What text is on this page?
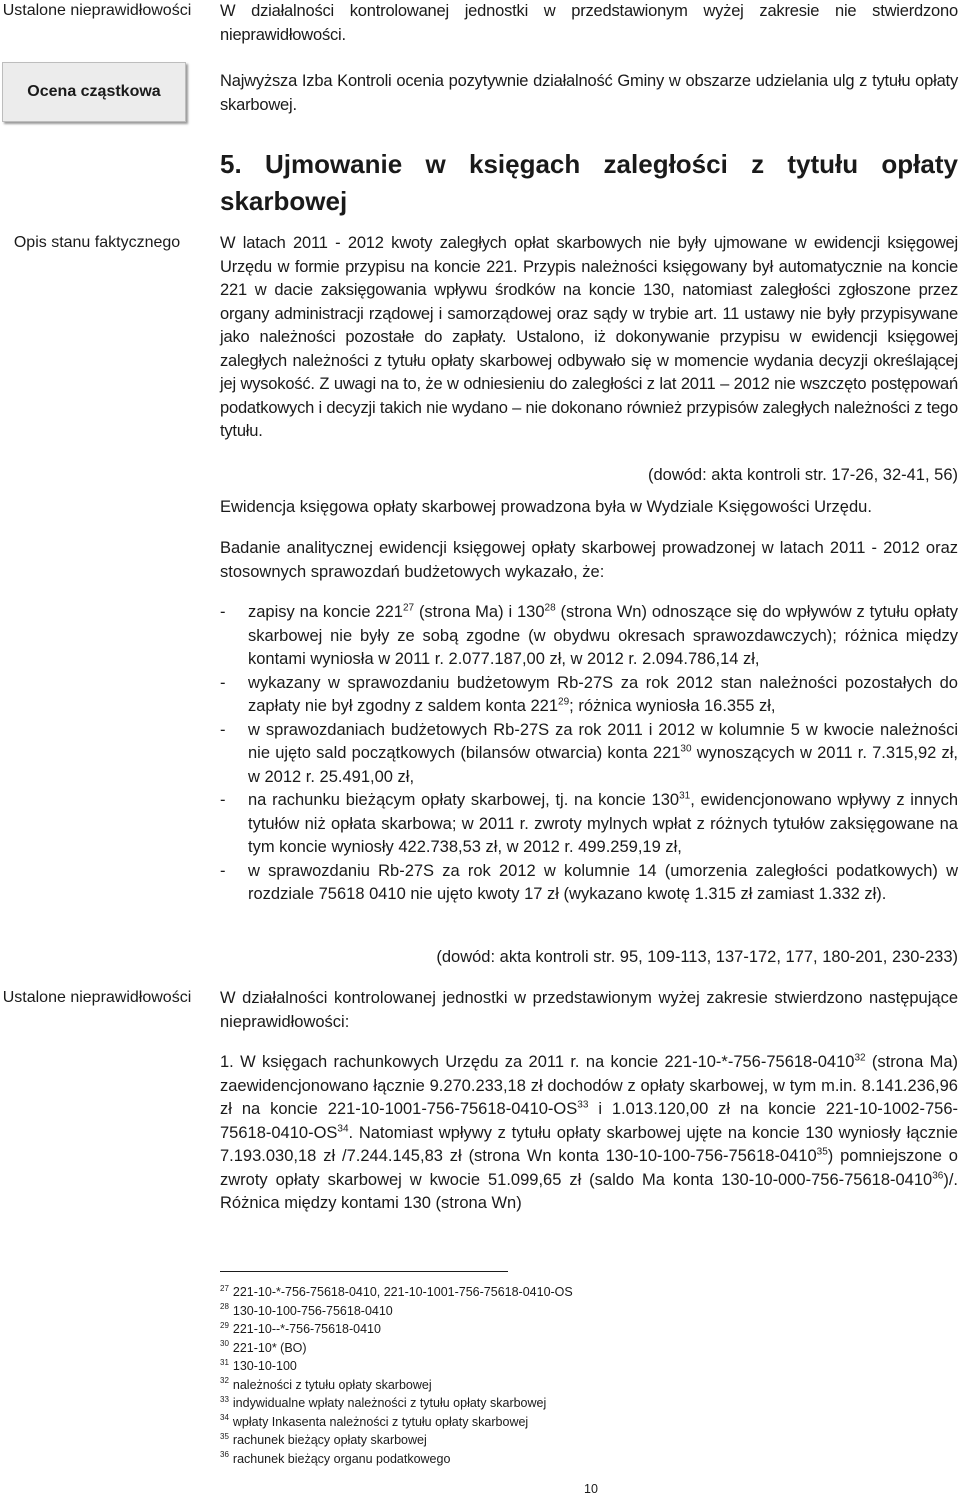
Ustalone nieprawidłowości
Ocena cząstkowa
Opis stanu faktycznego
Ustalone nieprawidłowości
W działalności kontrolowanej jednostki w przedstawionym wyżej zakresie nie stwierdzono nieprawidłowości.
Najwyższa Izba Kontroli ocenia pozytywnie działalność Gminy w obszarze udzielania ulg z tytułu opłaty skarbowej.
5. Ujmowanie w księgach zaległości z tytułu opłaty skarbowej
W latach 2011 - 2012 kwoty zaległych opłat skarbowych nie były ujmowane w ewidencji księgowej Urzędu w formie przypisu na koncie 221. Przypis należności księgowany był automatycznie na koncie 221 w dacie zaksięgowania wpływu środków na koncie 130, natomiast zaległości zgłoszone przez organy administracji rządowej i samorządowej oraz sądy w trybie art. 11 ustawy nie były przypisywane jako należności pozostałe do zapłaty. Ustalono, iż dokonywanie przypisu w ewidencji księgowej zaległych należności z tytułu opłaty skarbowej odbywało się w momencie wydania decyzji określającej jej wysokość. Z uwagi na to, że w odniesieniu do zaległości z lat 2011 – 2012 nie wszczęto postępowań podatkowych i decyzji takich nie wydano – nie dokonano również przypisów zaległych należności z tego tytułu.
(dowód: akta kontroli str. 17-26, 32-41, 56)
Ewidencja księgowa opłaty skarbowej prowadzona była w Wydziale Księgowości Urzędu.
Badanie analitycznej ewidencji księgowej opłaty skarbowej prowadzonej w latach 2011 - 2012 oraz stosownych sprawozdań budżetowych wykazało, że:
-	zapisy na koncie $221^{27}$ (strona Ma) i $130^{28}$ (strona Wn) odnoszące się do wpływów z tytułu opłaty skarbowej nie były ze sobą zgodne (w obydwu okresach sprawozdawczych); różnica między kontami wyniosła w 2011 r. 2.077.187,00 zł, w 2012 r. 2.094.786,14 zł,
-	wykazany w sprawozdaniu budżetowym Rb-27S za rok 2012 stan należności pozostałych do zapłaty nie był zgodny z saldem konta $221^{29}$; różnica wyniosła 16.355 zł,
-	w sprawozdaniach budżetowych Rb-27S za rok 2011 i 2012 w kolumnie 5 w kwocie należności nie ujęto sald początkowych (bilansów otwarcia) konta $221^{30}$ wynoszących w 2011 r. 7.315,92 zł, w 2012 r. 25.491,00 zł,
-	na rachunku bieżącym opłaty skarbowej, tj. na koncie $130^{31}$, ewidencjonowano wpływy z innych tytułów niż opłata skarbowa; w 2011 r. zwroty mylnych wpłat z różnych tytułów zaksięgowane na tym koncie wyniosły 422.738,53 zł, w 2012 r. 499.259,19 zł,
-	w sprawozdaniu Rb-27S za rok 2012 w kolumnie 14 (umorzenia zaległości podatkowych) w rozdziale 75618 0410 nie ujęto kwoty 17 zł (wykazano kwotę 1.315 zł zamiast 1.332 zł).
(dowód: akta kontroli str. 95, 109-113, 137-172, 177, 180-201, 230-233)
W działalności kontrolowanej jednostki w przedstawionym wyżej zakresie stwierdzono następujące nieprawidłowości:
1. W księgach rachunkowych Urzędu za 2011 r. na koncie 221-10-*-756-75618-0410$^{32}$ (strona Ma) zaewidencjonowano łącznie 9.270.233,18 zł dochodów z opłaty skarbowej, w tym m.in. 8.141.236,96 zł na koncie 221-10-1001-756-75618-0410-OS$^{33}$ i 1.013.120,00 zł na koncie 221-10-1002-756-75618-0410-OS$^{34}$. Natomiast wpływy z tytułu opłaty skarbowej ujęte na koncie 130 wyniosły łącznie 7.193.030,18 zł /7.244.145,83 zł (strona Wn konta 130-10-100-756-75618-0410$^{35}$) pomniejszone o zwroty opłaty skarbowej w kwocie 51.099,65 zł (saldo Ma konta 130-10-000-756-75618-0410$^{36}$)/. Różnica między kontami 130 (strona Wn)
$^{27}$ 221-10-*-756-75618-0410, 221-10-1001-756-75618-0410-OS
$^{28}$ 130-10-100-756-75618-0410
$^{29}$ 221-10--*-756-75618-0410
$^{30}$ 221-10* (BO)
$^{31}$ 130-10-100
$^{32}$ należności z tytułu opłaty skarbowej
$^{33}$ indywidualne wpłaty należności z tytułu opłaty skarbowej
$^{34}$ wpłaty Inkasenta należności z tytułu opłaty skarbowej
$^{35}$ rachunek bieżący opłaty skarbowej
$^{36}$ rachunek bieżący organu podatkowego
10
